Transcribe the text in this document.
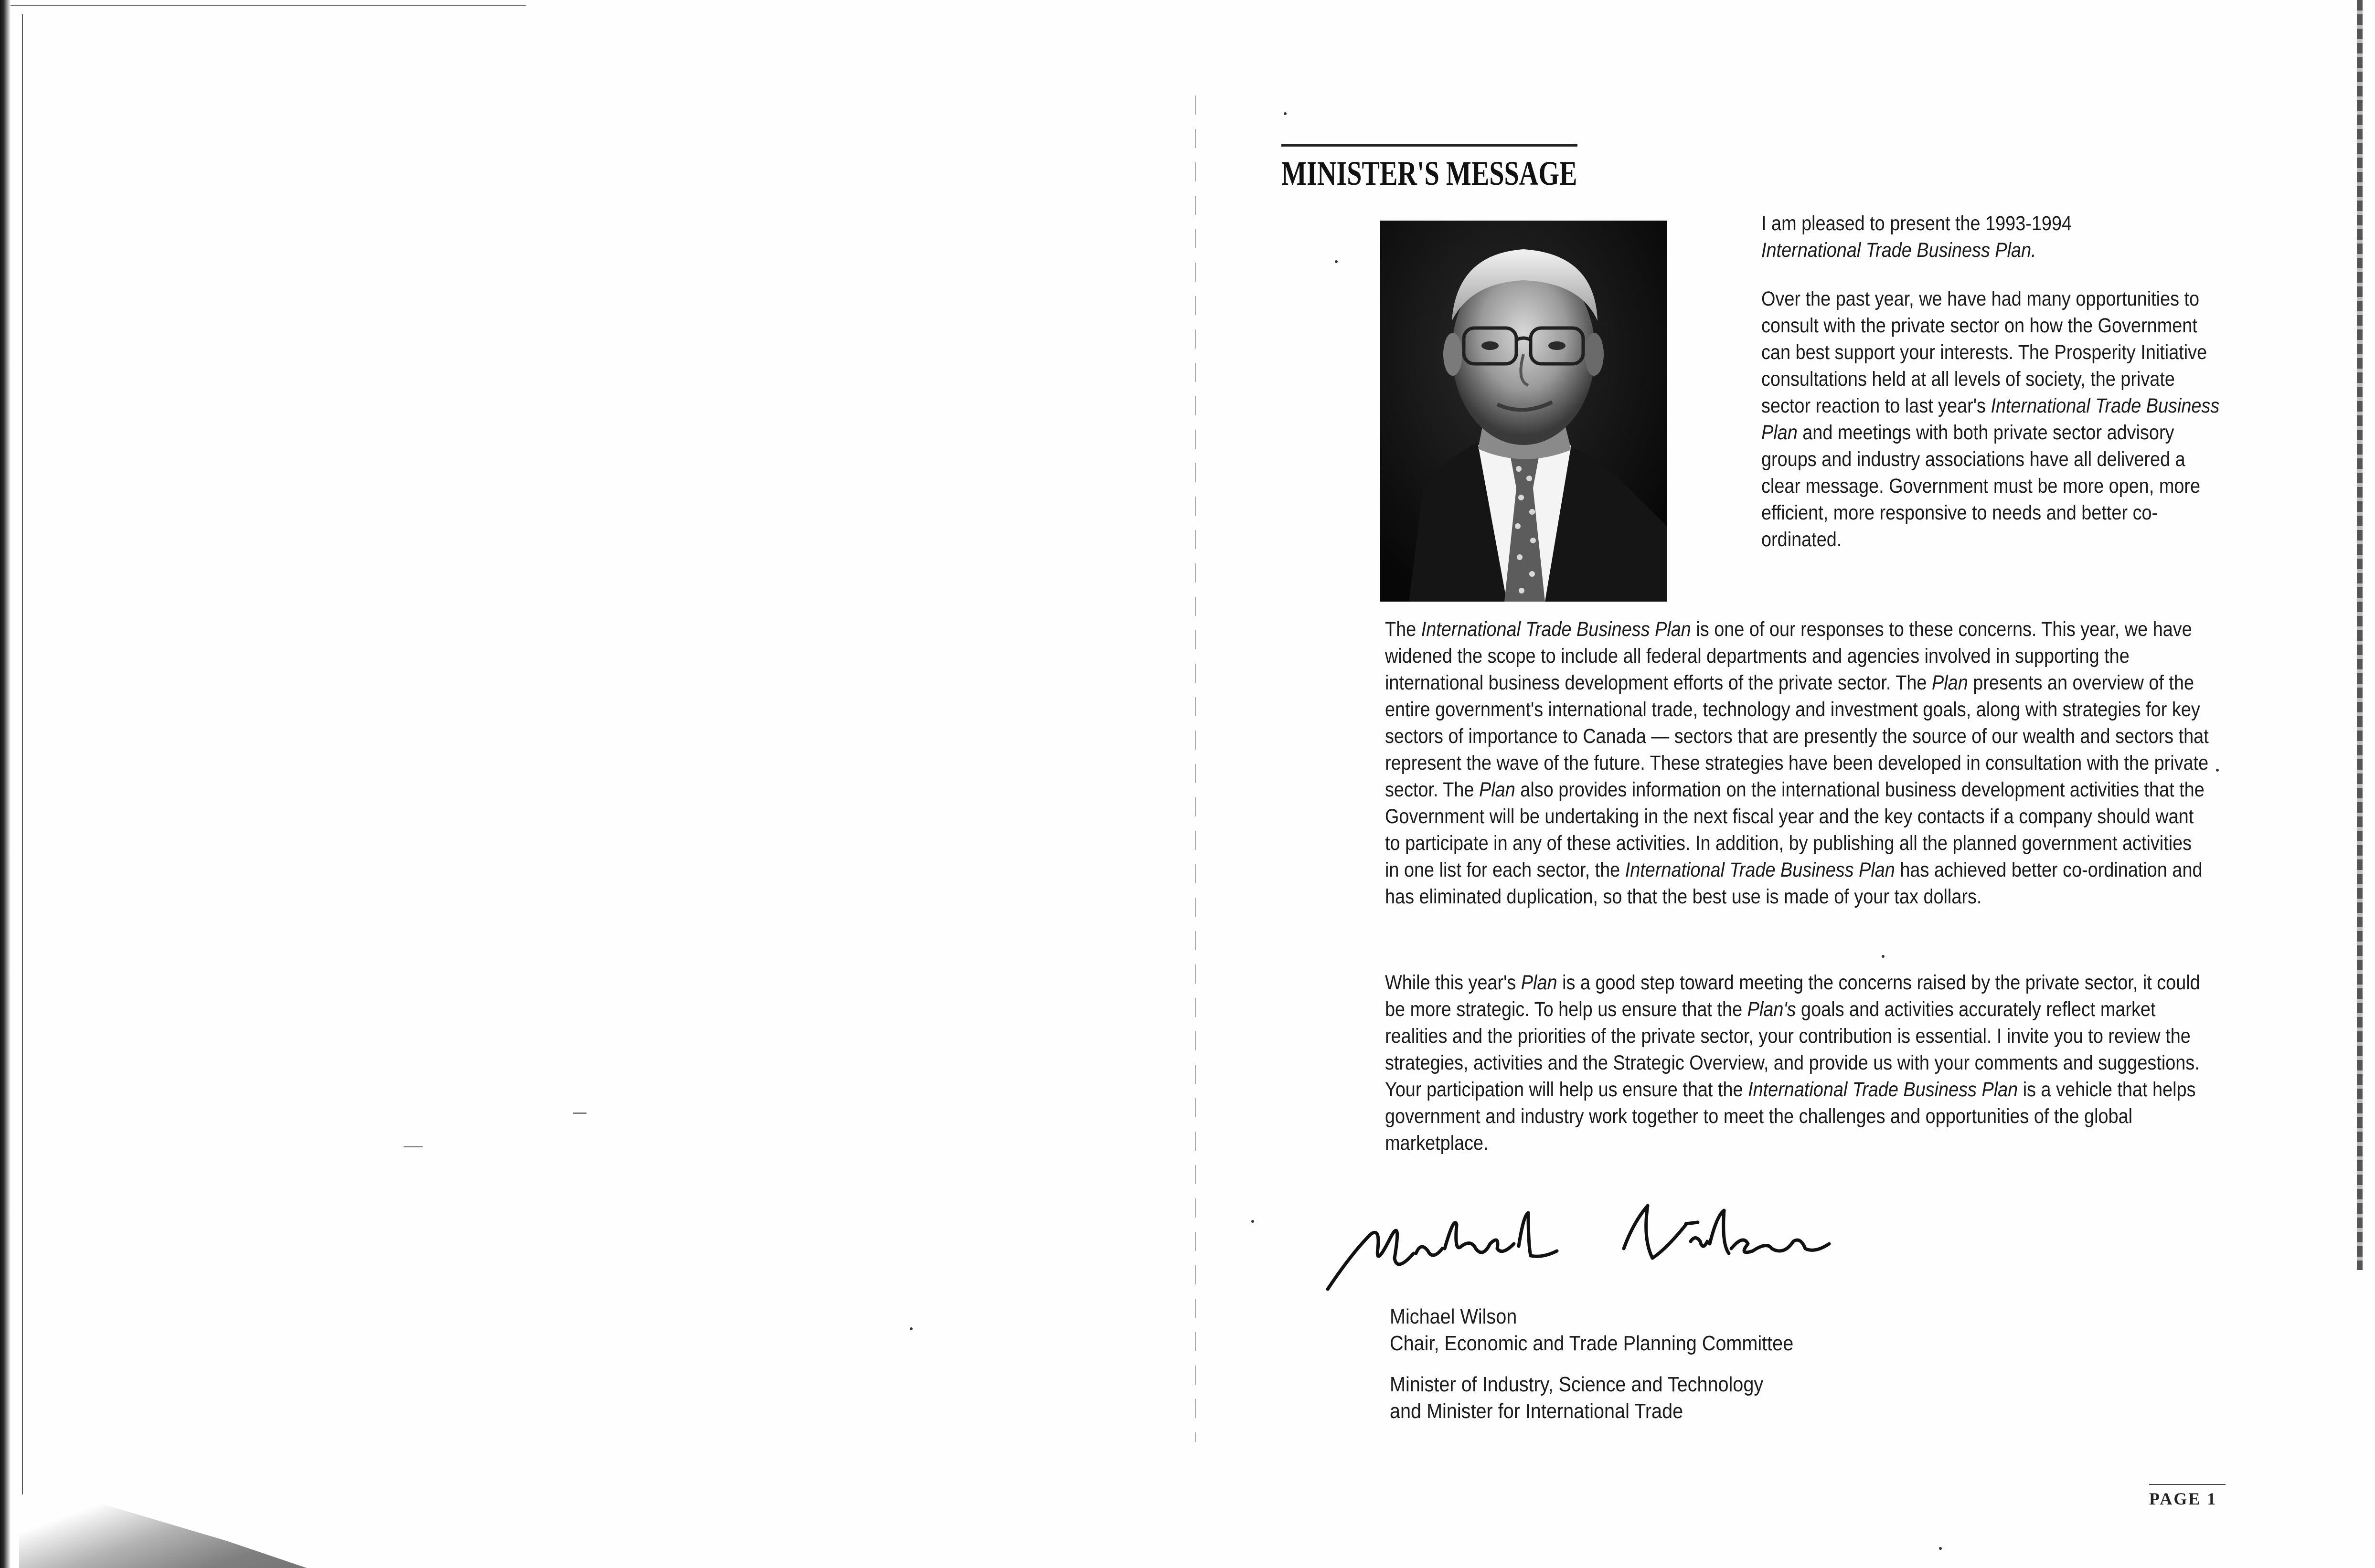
MINISTER'S MESSAGE

I am pleased to present the 1993-1994
International Trade Business Plan.

Over the past year, we have had many opportunities to consult with the private sector on how the Government can best support your interests. The Prosperity Initiative consultations held at all levels of society, the private sector reaction to last year's International Trade Business Plan and meetings with both private sector advisory groups and industry associations have all delivered a clear message. Government must be more open, more efficient, more responsive to needs and better co-ordinated.

The International Trade Business Plan is one of our responses to these concerns. This year, we have widened the scope to include all federal departments and agencies involved in supporting the international business development efforts of the private sector. The Plan presents an overview of the entire government's international trade, technology and investment goals, along with strategies for key sectors of importance to Canada — sectors that are presently the source of our wealth and sectors that represent the wave of the future. These strategies have been developed in consultation with the private sector. The Plan also provides information on the international business development activities that the Government will be undertaking in the next fiscal year and the key contacts if a company should want to participate in any of these activities. In addition, by publishing all the planned government activities in one list for each sector, the International Trade Business Plan has achieved better co-ordination and has eliminated duplication, so that the best use is made of your tax dollars.

While this year's Plan is a good step toward meeting the concerns raised by the private sector, it could be more strategic. To help us ensure that the Plan's goals and activities accurately reflect market realities and the priorities of the private sector, your contribution is essential. I invite you to review the strategies, activities and the Strategic Overview, and provide us with your comments and suggestions. Your participation will help us ensure that the International Trade Business Plan is a vehicle that helps government and industry work together to meet the challenges and opportunities of the global marketplace.

Michael Wilson
Chair, Economic and Trade Planning Committee
Minister of Industry, Science and Technology
and Minister for International Trade
PAGE 1
